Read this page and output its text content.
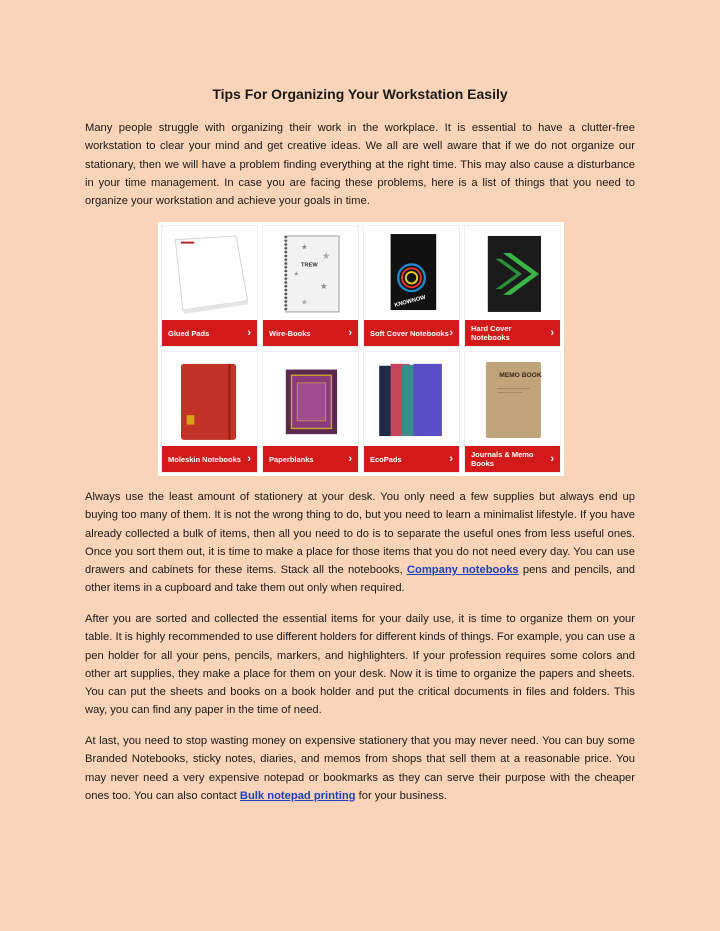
Tips For Organizing Your Workstation Easily

Many people struggle with organizing their work in the workplace. It is essential to have a clutter-free workstation to clear your mind and get creative ideas. We all are well aware that if we do not organize our stationary, then we will have a problem finding everything at the right time. This may also cause a disturbance in your time management. In case you are facing these problems, here is a list of things that you need to organize your workstation and achieve your goals in time.

Glued Pads	›
★
★
★
★
★
TREW
Wire-Books	›
KNOWNOW
Soft Cover Notebooks › Hard Cover Notebooks	›
Moleskin Notebooks › Paperblanks	› EcoPads	›
MEMO BOOK
Journals & Memo Books	›

Always use the least amount of stationery at your desk. You only need a few supplies but always end up buying too many of them. It is not the wrong thing to do, but you need to learn a minimalist lifestyle. If you have already collected a bulk of items, then all you need to do is to separate the useful ones from less useful ones. Once you sort them out, it is time to make a place for those items that you do not need every day. You can use drawers and cabinets for these items. Stack all the notebooks, Company notebooks pens and pencils, and other items in a cupboard and take them out only when required.

After you are sorted and collected the essential items for your daily use, it is time to organize them on your table. It is highly recommended to use different holders for different kinds of things. For example, you can use a pen holder for all your pens, pencils, markers, and highlighters. If your profession requires some colors and other art supplies, they make a place for them on your desk. Now it is time to organize the papers and sheets. You can put the sheets and books on a book holder and put the critical documents in files and folders. This way, you can find any paper in the time of need.

At last, you need to stop wasting money on expensive stationery that you may never need. You can buy some Branded Notebooks, sticky notes, diaries, and memos from shops that sell them at a reasonable price. You may never need a very expensive notepad or bookmarks as they can serve their purpose with the cheaper ones too. You can also contact Bulk notepad printing for your business.
